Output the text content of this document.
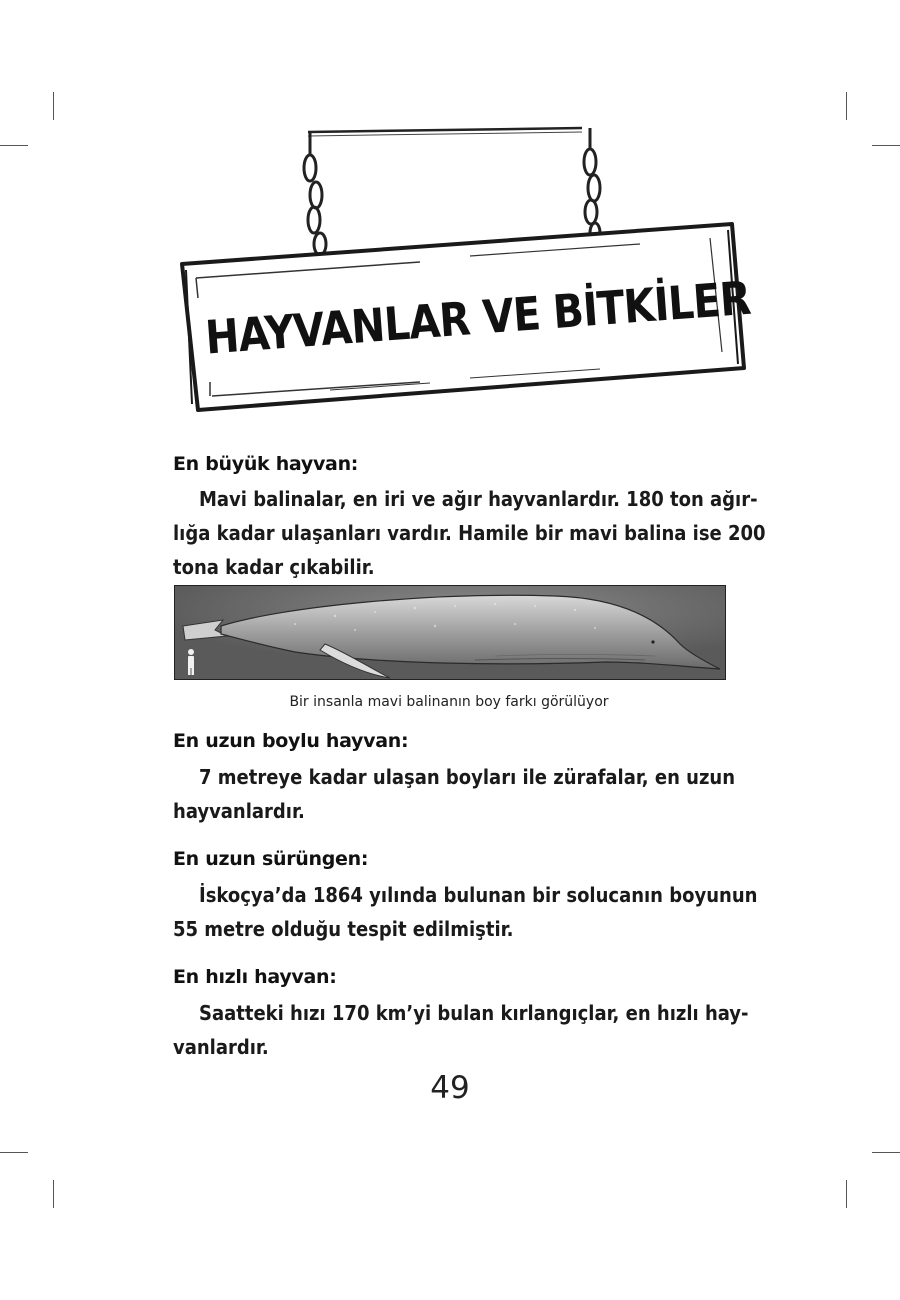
HAYVANLAR VE BİTKİLER
En büyük hayvan:
Mavi balinalar, en iri ve ağır hayvanlardır. 180 ton ağır-
lığa kadar ulaşanları vardır. Hamile bir mavi balina ise 200
tona kadar çıkabilir.
Bir insanla mavi balinanın boy farkı görülüyor
En uzun boylu hayvan:
7 metreye kadar ulaşan boyları ile zürafalar, en uzun
hayvanlardır.
En uzun sürüngen:
İskoçya’da 1864 yılında bulunan bir solucanın boyunun
55 metre olduğu tespit edilmiştir.
En hızlı hayvan:
Saatteki hızı 170 km’yi bulan kırlangıçlar, en hızlı hay-
vanlardır.
49
